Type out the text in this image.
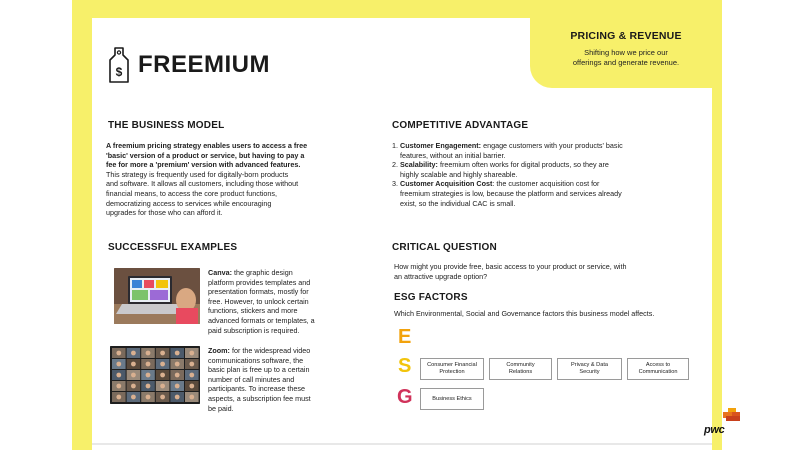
$ FREEMIUM
PRICING & REVENUE
Shifting how we price our
offerings and generate revenue.
THE BUSINESS MODEL
A freemium pricing strategy enables users to access a free
'basic' version of a product or service, but having to pay a
fee for more a 'premium' version with advanced features.
This strategy is frequently used for digitally-born products
and software. It allows all customers, including those without
financial means, to access the core product functions,
democratizing access to services while encouraging
upgrades for those who can afford it.
COMPETITIVE ADVANTAGE
1. Customer Engagement: engage customers with your products' basic
features, without an initial barrier.
2. Scalability: freemium often works for digital products, so they are
highly scalable and highly shareable.
3. Customer Acquisition Cost: the customer acquisition cost for
freemium strategies is low, because the platform and services already
exist, so the individual CAC is small.
SUCCESSFUL EXAMPLES
Canva: the graphic design
platform provides templates and
presentation formats, mostly for
free. However, to unlock certain
functions, stickers and more
advanced formats or templates, a
paid subscription is required.
Zoom: for the widespread video
communications software, the
basic plan is free up to a certain
number of call minutes and
participants. To increase these
aspects, a subscription fee must
be paid.
CRITICAL QUESTION
How might you provide free, basic access to your product or service, with
an attractive upgrade option?
ESG FACTORS
Which Environmental, Social and Governance factors this business model affects.
E
S
G
Consumer Financial
Protection
Community
Relations
Privacy & Data
Security
Access to
Communication
Business Ethics
pwc
